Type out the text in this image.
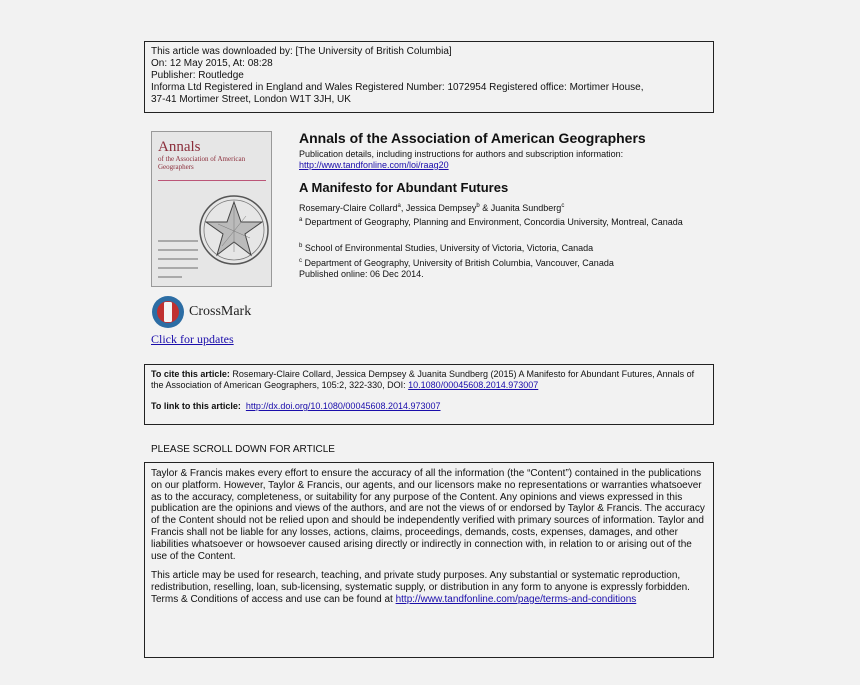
This article was downloaded by: [The University of British Columbia]
On: 12 May 2015, At: 08:28
Publisher: Routledge
Informa Ltd Registered in England and Wales Registered Number: 1072954 Registered office: Mortimer House,
37-41 Mortimer Street, London W1T 3JH, UK
Annals
of the Association of American Geographers
CrossMark
Click for updates
Annals of the Association of American Geographers
Publication details, including instructions for authors and subscription information:
http://www.tandfonline.com/loi/raag20
A Manifesto for Abundant Futures
Rosemary-Claire Collard$^a$, Jessica Dempsey$^b$ & Juanita Sundberg$^c$
$^a$ Department of Geography, Planning and Environment, Concordia University, Montreal, Canada
$^b$ School of Environmental Studies, University of Victoria, Victoria, Canada
$^c$ Department of Geography, University of British Columbia, Vancouver, Canada
Published online: 06 Dec 2014.
To cite this article: Rosemary-Claire Collard, Jessica Dempsey & Juanita Sundberg (2015) A Manifesto for Abundant Futures, Annals of the Association of American Geographers, 105:2, 322-330, DOI: 10.1080/00045608.2014.973007
To link to this article: http://dx.doi.org/10.1080/00045608.2014.973007
PLEASE SCROLL DOWN FOR ARTICLE

Taylor & Francis makes every effort to ensure the accuracy of all the information (the “Content”) contained in the publications on our platform. However, Taylor & Francis, our agents, and our licensors make no representations or warranties whatsoever as to the accuracy, completeness, or suitability for any purpose of the Content. Any opinions and views expressed in this publication are the opinions and views of the authors, and are not the views of or endorsed by Taylor & Francis. The accuracy of the Content should not be relied upon and should be independently verified with primary sources of information. Taylor and Francis shall not be liable for any losses, actions, claims, proceedings, demands, costs, expenses, damages, and other liabilities whatsoever or howsoever caused arising directly or indirectly in connection with, in relation to or arising out of the use of the Content.

This article may be used for research, teaching, and private study purposes. Any substantial or systematic reproduction, redistribution, reselling, loan, sub-licensing, systematic supply, or distribution in any form to anyone is expressly forbidden. Terms & Conditions of access and use can be found at http://www.tandfonline.com/page/terms-and-conditions
